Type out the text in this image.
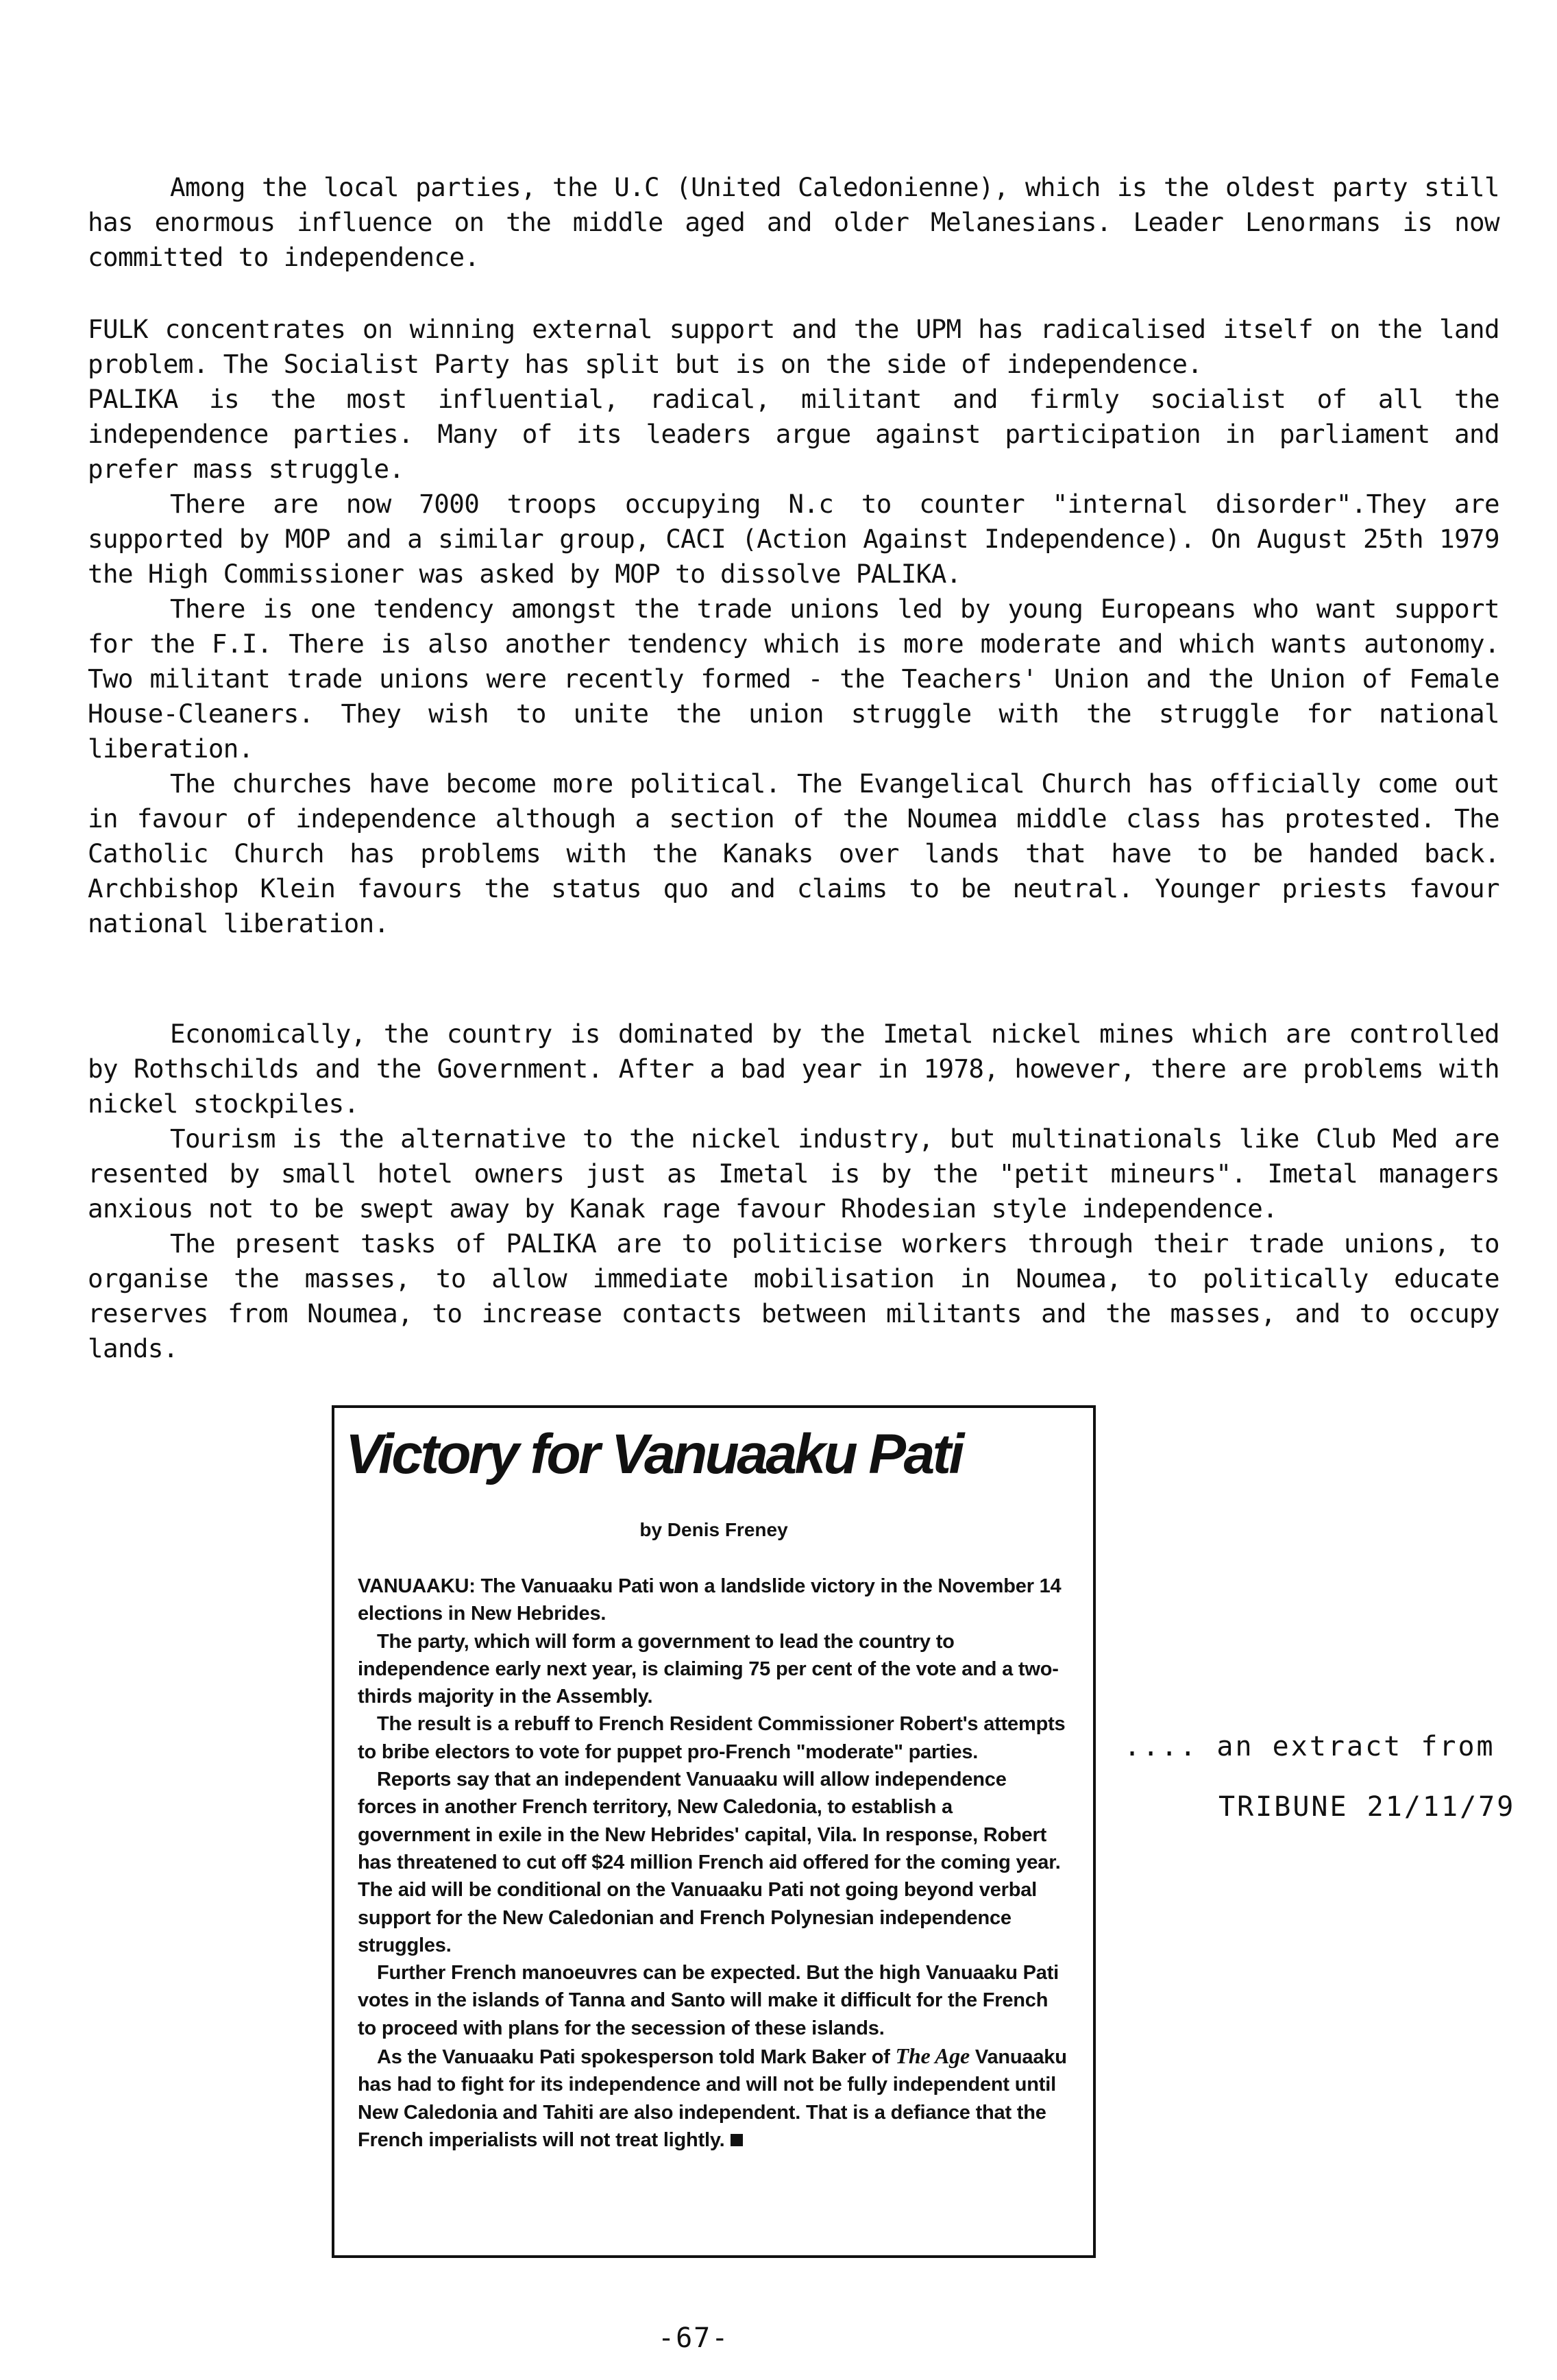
Among the local parties, the U.C (United Caledonienne), which is the oldest party still has enormous influence on the middle aged and older Melanesians. Leader Lenormans is now committed to independence.

FULK concentrates on winning external support and the UPM has radicalised itself on the land problem. The Socialist Party has split but is on the side of independence.

PALIKA is the most influential, radical, militant and firmly socialist of all the independence parties. Many of its leaders argue against participation in parliament and prefer mass struggle.

There are now 7000 troops occupying N.c to counter "internal disorder".They are supported by MOP and a similar group, CACI (Action Against Independence). On August 25th 1979 the High Commissioner was asked by MOP to dissolve PALIKA.

There is one tendency amongst the trade unions led by young Europeans who want support for the F.I. There is also another tendency which is more moderate and which wants autonomy. Two militant trade unions were recently formed - the Teachers' Union and the Union of Female House-Cleaners. They wish to unite the union struggle with the struggle for national liberation.

The churches have become more political. The Evangelical Church has officially come out in favour of independence although a section of the Noumea middle class has protested. The Catholic Church has problems with the Kanaks over lands that have to be handed back. Archbishop Klein favours the status quo and claims to be neutral. Younger priests favour national liberation.

Economically, the country is dominated by the Imetal nickel mines which are controlled by Rothschilds and the Government. After a bad year in 1978, however, there are problems with nickel stockpiles.

Tourism is the alternative to the nickel industry, but multinationals like Club Med are resented by small hotel owners just as Imetal is by the "petit mineurs". Imetal managers anxious not to be swept away by Kanak rage favour Rhodesian style independence.

The present tasks of PALIKA are to politicise workers through their trade unions, to organise the masses, to allow immediate mobilisation in Noumea, to politically educate reserves from Noumea, to increase contacts between militants and the masses, and to occupy lands.

Victory for Vanuaaku Pati
by Denis Freney

VANUAAKU: The Vanuaaku Pati won a landslide victory in the November 14 elections in New Hebrides.

The party, which will form a government to lead the country to independence early next year, is claiming 75 per cent of the vote and a two-thirds majority in the Assembly.

The result is a rebuff to French Resident Commissioner Robert's attempts to bribe electors to vote for puppet pro-French "moderate" parties.

Reports say that an independent Vanuaaku will allow independence forces in another French territory, New Caledonia, to establish a government in exile in the New Hebrides' capital, Vila. In response, Robert has threatened to cut off $24 million French aid offered for the coming year. The aid will be conditional on the Vanuaaku Pati not going beyond verbal support for the New Caledonian and French Polynesian independence struggles.

Further French manoeuvres can be expected. But the high Vanuaaku Pati votes in the islands of Tanna and Santo will make it difficult for the French to proceed with plans for the secession of these islands.

As the Vanuaaku Pati spokesperson told Mark Baker of The Age Vanuaaku has had to fight for its independence and will not be fully independent until New Caledonia and Tahiti are also independent. That is a defiance that the French imperialists will not treat lightly.

.... an extract from
TRIBUNE 21/11/79
-67-
